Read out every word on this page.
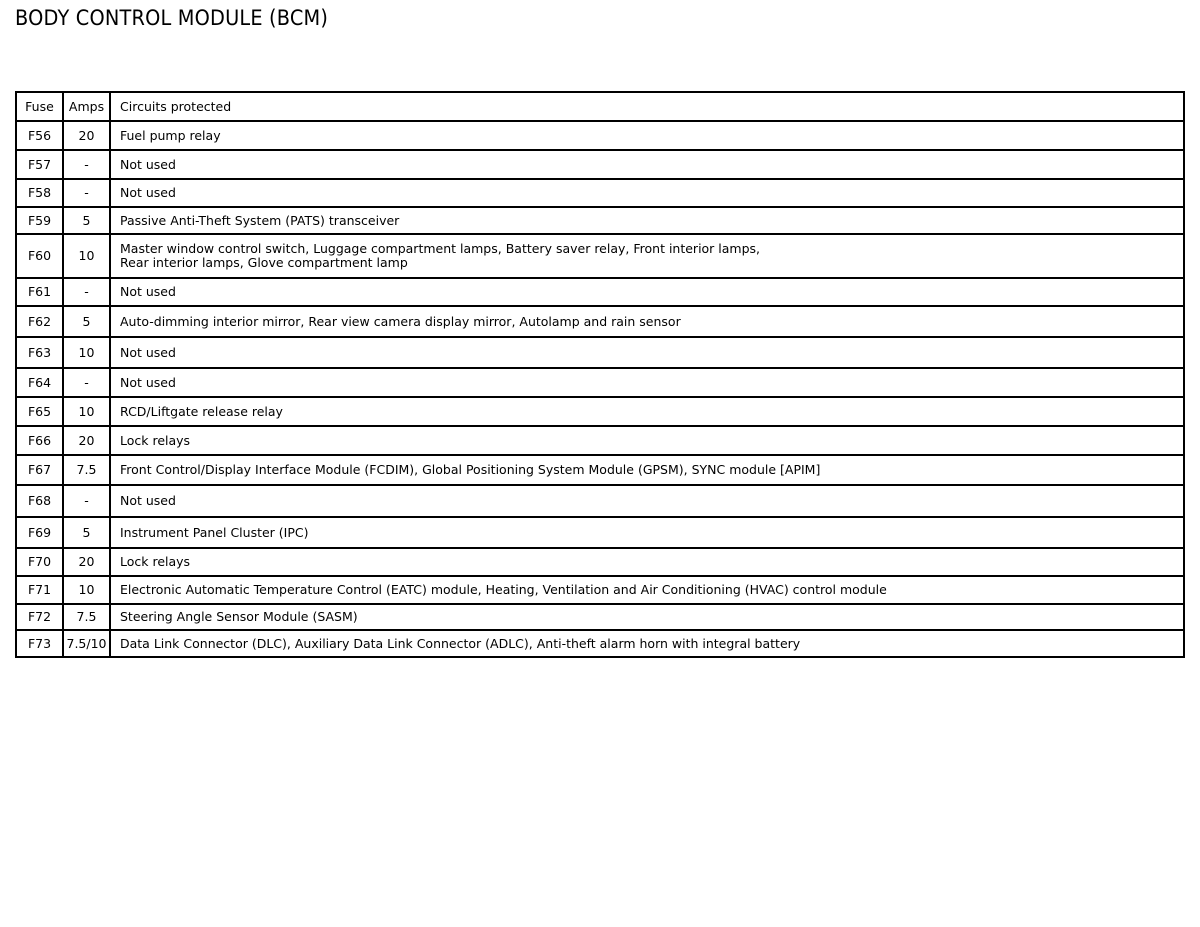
BODY CONTROL MODULE (BCM)
Fuse	Amps	Circuits protected
F56	20	Fuel pump relay

F57	-	Not used

F58	-	Not used

F59	5	Passive Anti-Theft System (PATS) transceiver

F60	10	Master window control switch, Luggage compartment lamps, Battery saver relay, Front interior lamps,
Rear interior lamps, Glove compartment lamp

F61	-	Not used

F62	5	Auto-dimming interior mirror, Rear view camera display mirror, Autolamp and rain sensor

F63	10	Not used

F64	-	Not used

F65	10	RCD/Liftgate release relay

F66	20	Lock relays

F67	7.5	Front Control/Display Interface Module (FCDIM), Global Positioning System Module (GPSM), SYNC module [APIM]

F68	-	Not used

F69	5	Instrument Panel Cluster (IPC)

F70	20	Lock relays

F71	10	Electronic Automatic Temperature Control (EATC) module, Heating, Ventilation and Air Conditioning (HVAC) control module

F72	7.5	Steering Angle Sensor Module (SASM)

F73	7.5/10	Data Link Connector (DLC), Auxiliary Data Link Connector (ADLC), Anti-theft alarm horn with integral battery
